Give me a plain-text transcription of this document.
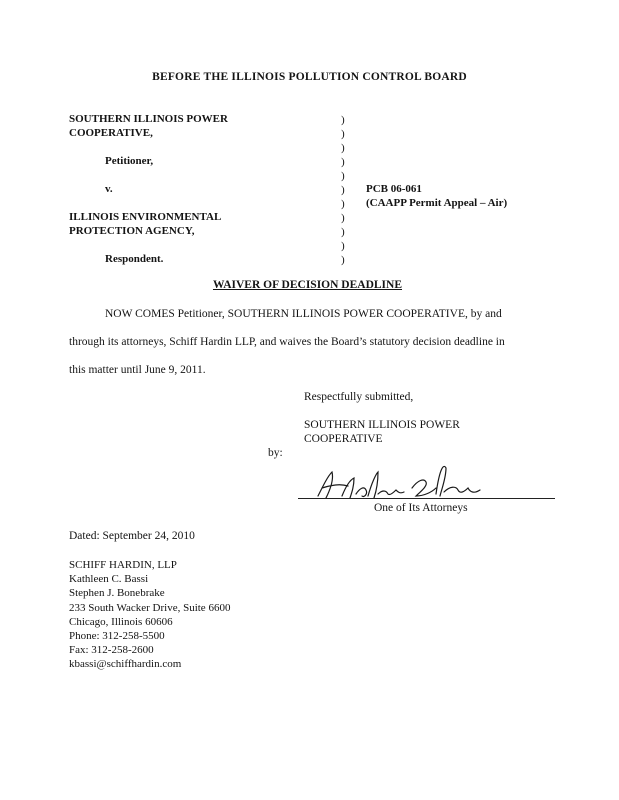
BEFORE THE ILLINOIS POLLUTION CONTROL BOARD
SOUTHERN ILLINOIS POWER
COOPERATIVE,
Petitioner,
v.
ILLINOIS ENVIRONMENTAL
PROTECTION AGENCY,
Respondent.
)
)
)
)
)
)
)
)
)
)
)
PCB 06-061
(CAAPP Permit Appeal – Air)
WAIVER OF DECISION DEADLINE
NOW COMES Petitioner, SOUTHERN ILLINOIS POWER COOPERATIVE, by and
through its attorneys, Schiff Hardin LLP, and waives the Board’s statutory decision deadline in
this matter until June 9, 2011.
Respectfully submitted,
SOUTHERN ILLINOIS POWER
COOPERATIVE
by:
One of Its Attorneys
Dated: September 24, 2010
SCHIFF HARDIN, LLP
Kathleen C. Bassi
Stephen J. Bonebrake
233 South Wacker Drive, Suite 6600
Chicago, Illinois 60606
Phone: 312-258-5500
Fax: 312-258-2600
kbassi@schiffhardin.com
